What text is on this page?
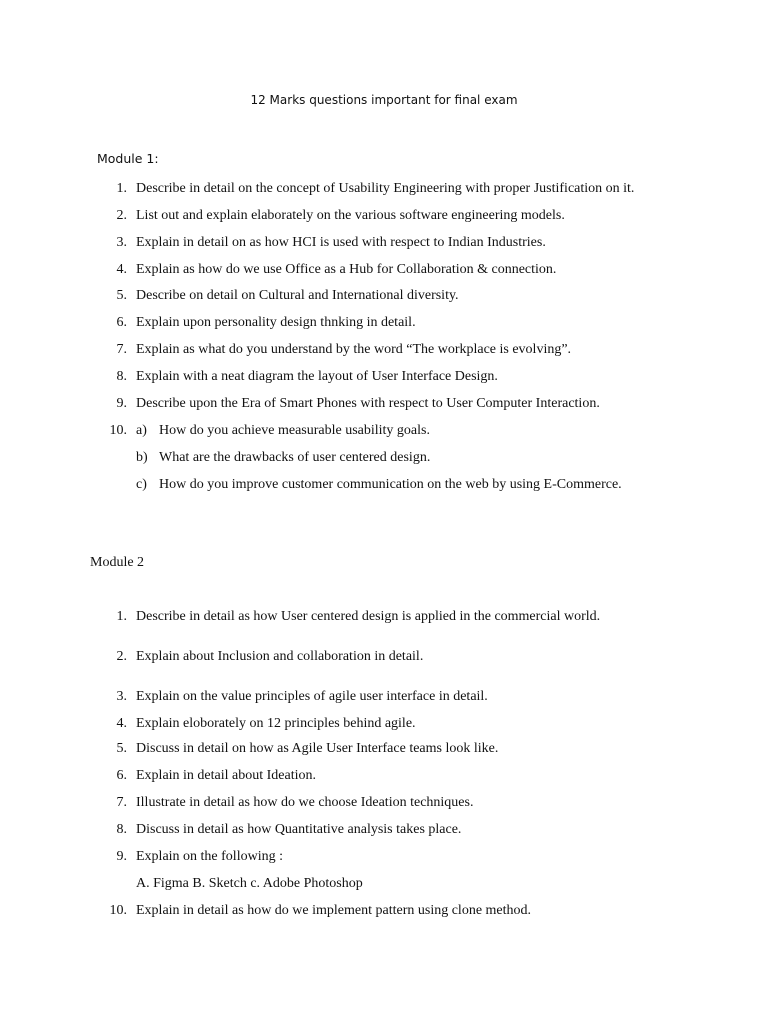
12 Marks questions important for final exam
Module 1:
1. Describe in detail on the concept of Usability Engineering with proper Justification on it.
2. List out and explain elaborately on the various software engineering models.
3. Explain in detail on as how HCI is used with respect to Indian Industries.
4. Explain as how do we use Office as a Hub for Collaboration & connection.
5. Describe on detail on Cultural and International diversity.
6. Explain upon personality design thnking in detail.
7. Explain as what do you understand by the word “The workplace is evolving”.
8. Explain with a neat diagram the layout of User Interface Design.
9. Describe upon the Era of Smart Phones with respect to User Computer Interaction.
10. a) How do you achieve measurable usability goals.
b) What are the drawbacks of user centered design.
c) How do you improve customer communication on the web by using E-Commerce.
Module 2
1. Describe in detail as how User centered design is applied in the commercial world.
2. Explain about Inclusion and collaboration in detail.
3. Explain on the value principles of agile user interface in detail.
4. Explain eloborately on 12 principles behind agile.
5. Discuss in detail on how as Agile User Interface teams look like.
6. Explain in detail about Ideation.
7. Illustrate in detail as how do we choose Ideation techniques.
8. Discuss in detail as how Quantitative analysis takes place.
9. Explain on the following :
A. Figma B. Sketch c. Adobe Photoshop
10. Explain in detail as how do we implement pattern using clone method.
